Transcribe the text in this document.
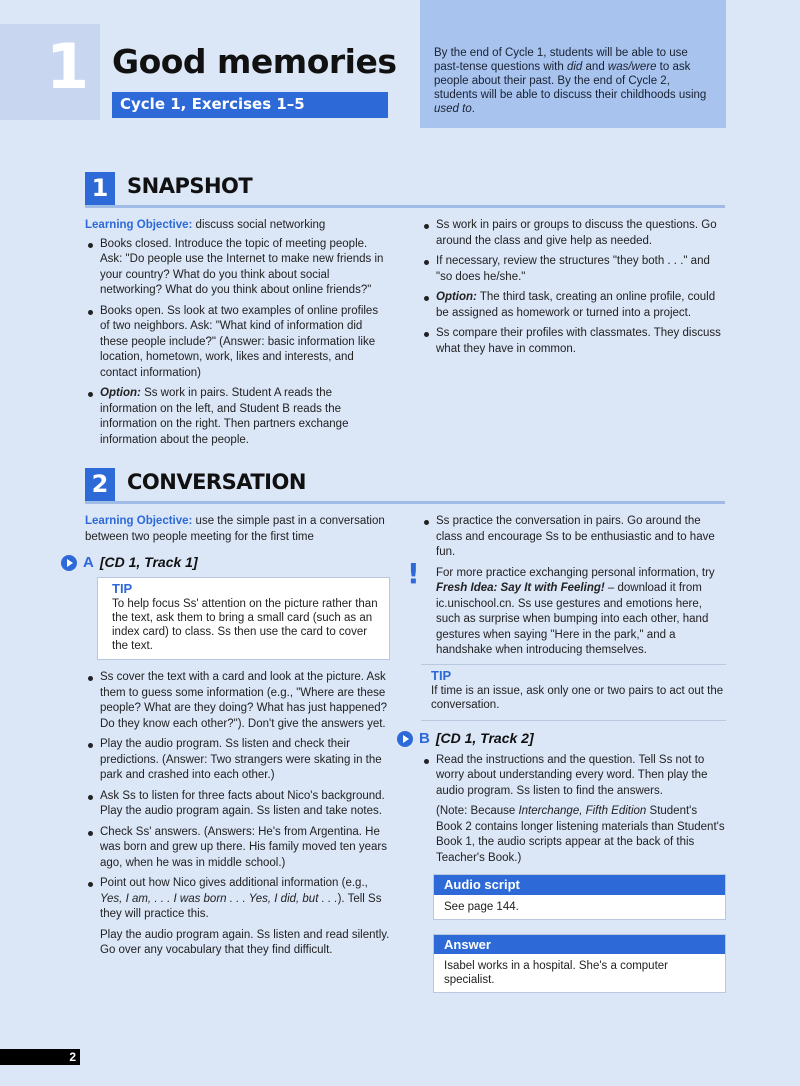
1 Good memories
Cycle 1, Exercises 1–5
By the end of Cycle 1, students will be able to use past-tense questions with did and was/were to ask people about their past. By the end of Cycle 2, students will be able to discuss their childhoods using used to.
1 SNAPSHOT
Learning Objective: discuss social networking
Books closed. Introduce the topic of meeting people. Ask: "Do people use the Internet to make new friends in your country? What do you think about social networking? What do you think about online friends?"
Books open. Ss look at two examples of online profiles of two neighbors. Ask: "What kind of information did these people include?" (Answer: basic information like location, hometown, work, likes and interests, and contact information)
Option: Ss work in pairs. Student A reads the information on the left, and Student B reads the information on the right. Then partners exchange information about the people.
Ss work in pairs or groups to discuss the questions. Go around the class and give help as needed.
If necessary, review the structures "they both . . ." and "so does he/she."
Option: The third task, creating an online profile, could be assigned as homework or turned into a project.
Ss compare their profiles with classmates. They discuss what they have in common.
2 CONVERSATION
Learning Objective: use the simple past in a conversation between two people meeting for the first time
A [CD 1, Track 1]
TIP
To help focus Ss' attention on the picture rather than the text, ask them to bring a small card (such as an index card) to class. Ss then use the card to cover the text.
Ss cover the text with a card and look at the picture. Ask them to guess some information (e.g., "Where are these people? What are they doing? What has just happened? Do they know each other?"). Don't give the answers yet.
Play the audio program. Ss listen and check their predictions. (Answer: Two strangers were skating in the park and crashed into each other.)
Ask Ss to listen for three facts about Nico's background. Play the audio program again. Ss listen and take notes.
Check Ss' answers. (Answers: He's from Argentina. He was born and grew up there. His family moved ten years ago, when he was in middle school.)
Point out how Nico gives additional information (e.g., Yes, I am, . . . I was born . . . Yes, I did, but . . .). Tell Ss they will practice this.
Play the audio program again. Ss listen and read silently. Go over any vocabulary that they find difficult.
Ss practice the conversation in pairs. Go around the class and encourage Ss to be enthusiastic and to have fun.
! For more practice exchanging personal information, try Fresh Idea: Say It with Feeling! – download it from ic.unischool.cn. Ss use gestures and emotions here, such as surprise when bumping into each other, hand gestures when saying "Here in the park," and a handshake when introducing themselves.
TIP
If time is an issue, ask only one or two pairs to act out the conversation.
B [CD 1, Track 2]
Read the instructions and the question. Tell Ss not to worry about understanding every word. Then play the audio program. Ss listen to find the answers.
(Note: Because Interchange, Fifth Edition Student's Book 2 contains longer listening materials than Student's Book 1, the audio scripts appear at the back of this Teacher's Book.)
Audio script
See page 144.
Answer
Isabel works in a hospital. She's a computer specialist.
2
